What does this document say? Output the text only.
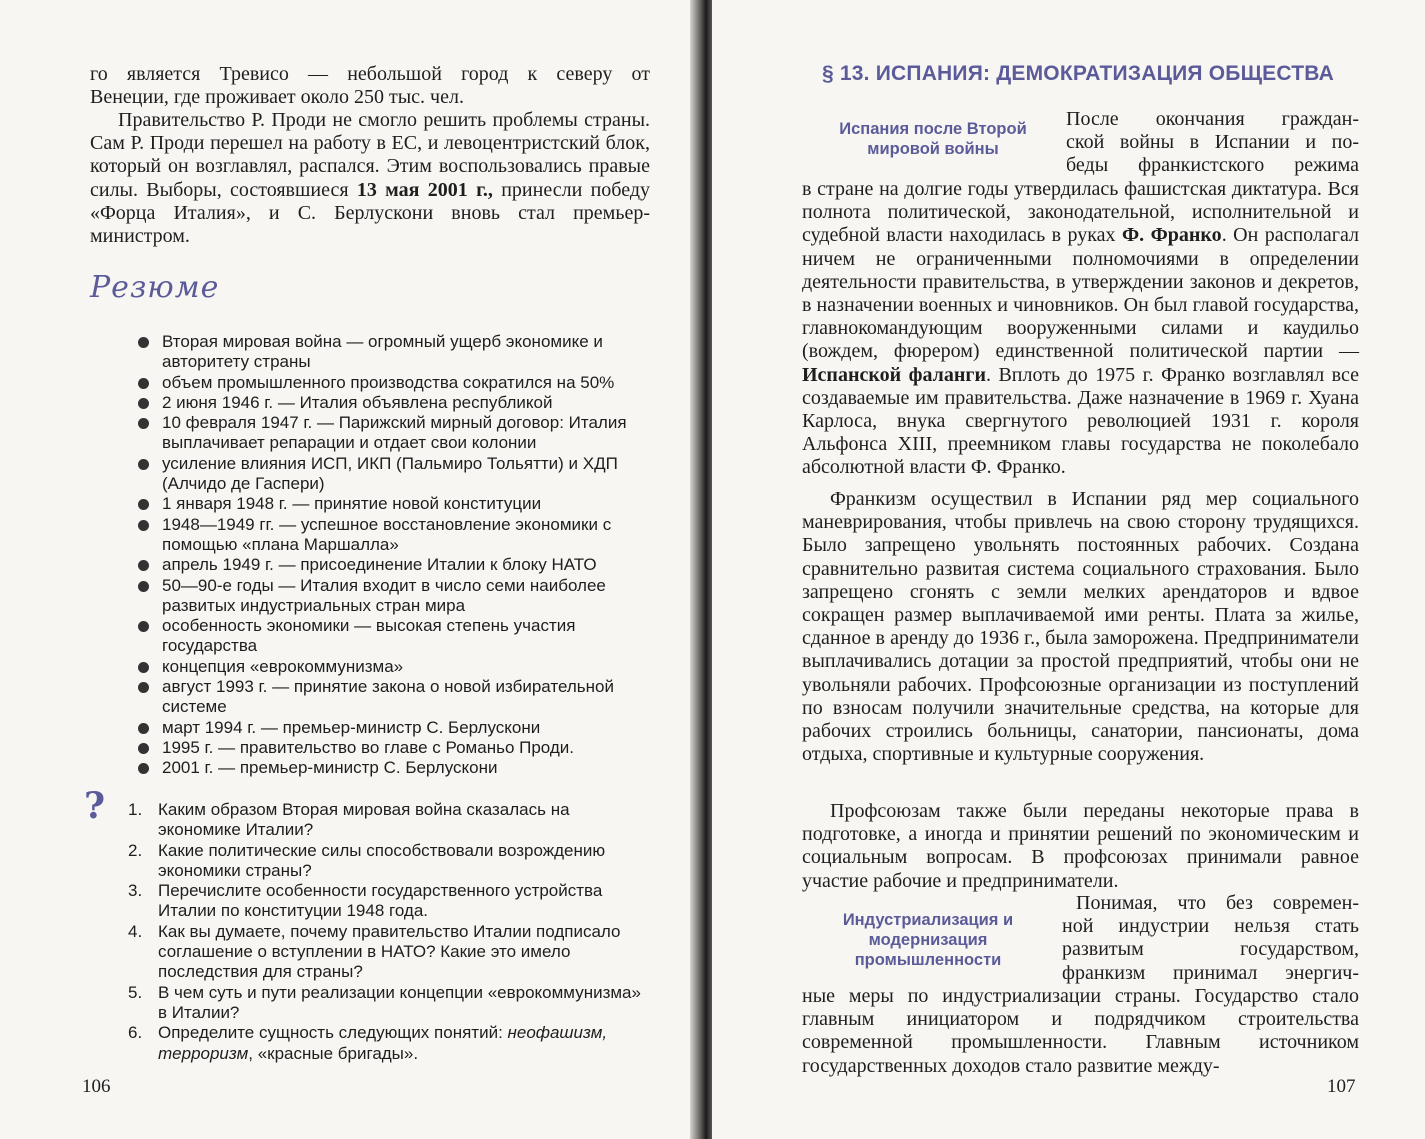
го является Тревисо — небольшой город к северу от
Венеции, где проживает около 250 тыс. чел.

Правительство Р. Проди не смогло решить проблемы страны. Сам Р. Проди перешел на работу в ЕС, и левоцентристский блок, который он возглавлял, распался. Этим воспользовались правые силы. Выборы, состоявшиеся 13 мая 2001 г., принесли победу «Форца Италия», и С. Берлускони вновь стал премьер-министром.

Резюме
Вторая мировая война — огромный ущерб экономике и авторитету страны
объем промышленного производства сократился на 50%
2 июня 1946 г. — Италия объявлена республикой
10 февраля 1947 г. — Парижский мирный договор: Италия выплачивает репарации и отдает свои колонии
усиление влияния ИСП, ИКП (Пальмиро Тольятти) и ХДП (Алчидо де Гаспери)
1 января 1948 г. — принятие новой конституции
1948—1949 гг. — успешное восстановление экономики с помощью «плана Маршалла»
апрель 1949 г. — присоединение Италии к блоку НАТО
50—90-е годы — Италия входит в число семи наиболее развитых индустриальных стран мира
особенность экономики — высокая степень участия государства
концепция «еврокоммунизма»
август 1993 г. — принятие закона о новой избирательной системе
март 1994 г. — премьер-министр С. Берлускони
1995 г. — правительство во главе с Романьо Проди.
2001 г. — премьер-министр С. Берлускони
? 1. Каким образом Вторая мировая война сказалась на экономике Италии?
2. Какие политические силы способствовали возрождению экономики страны?
3. Перечислите особенности государственного устройства Италии по конституции 1948 года.
4. Как вы думаете, почему правительство Италии подписало соглашение о вступлении в НАТО? Какие это имело последствия для страны?
5. В чем суть и пути реализации концепции «еврокоммунизма» в Италии?
6. Определите сущность следующих понятий: неофашизм, терроризм, «красные бригады».
106
§ 13. ИСПАНИЯ: ДЕМОКРАТИЗАЦИЯ ОБЩЕСТВА
Испания после Второй
мировой войны
После окончания граждан-
ской войны в Испании и по-
беды франкистского режима

в стране на долгие годы утвердилась фашистская диктатура. Вся полнота политической, законодательной, исполнительной и судебной власти находилась в руках Ф. Франко. Он располагал ничем не ограниченными полномочиями в определении деятельности правительства, в утверждении законов и декретов, в назначении военных и чиновников. Он был главой государства, главнокомандующим вооруженными силами и каудильо (вождем, фюрером) единственной политической партии — Испанской фаланги. Вплоть до 1975 г. Франко возглавлял все создаваемые им правительства. Даже назначение в 1969 г. Хуана Карлоса, внука свергнутого революцией 1931 г. короля Альфонса XIII, преемником главы государства не поколебало абсолютной власти Ф. Франко.

Франкизм осуществил в Испании ряд мер социального маневрирования, чтобы привлечь на свою сторону трудящихся. Было запрещено увольнять постоянных рабочих. Создана сравнительно развитая система социального страхования. Было запрещено сгонять с земли мелких арендаторов и вдвое сокращен размер выплачиваемой ими ренты. Плата за жилье, сданное в аренду до 1936 г., была заморожена. Предприниматели выплачивались дотации за простой предприятий, чтобы они не увольняли рабочих. Профсоюзные организации из поступлений по взносам получили значительные средства, на которые для рабочих строились больницы, санатории, пансионаты, дома отдыха, спортивные и культурные сооружения.

Профсоюзам также были переданы некоторые права в подготовке, а иногда и принятии решений по экономическим и социальным вопросам. В профсоюзах принимали равное участие рабочие и предприниматели.

Индустриализация и
модернизация
промышленности
Понимая, что без современ-
ной индустрии нельзя стать
развитым государством,
франкизм принимал энергич-

ные меры по индустриализации страны. Государство стало главным инициатором и подрядчиком строительства современной промышленности. Главным источником государственных доходов стало развитие между-

107
